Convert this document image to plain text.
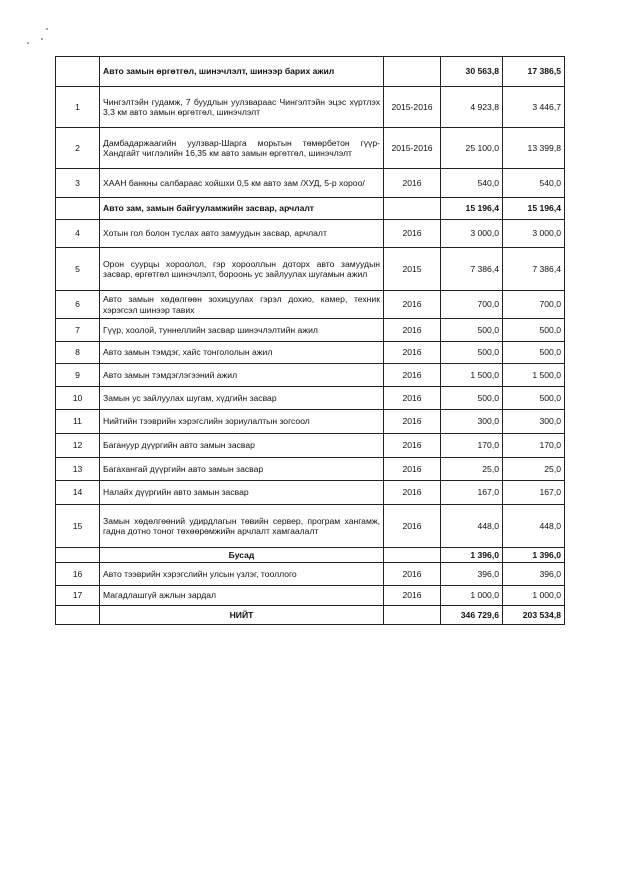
	Авто замын өргөтгөл, шинэчлэлт, шинээр барих ажил		30 563,8	17 386,5
1	Чингэлтэйн гудамж, 7 буудлын уулзвараас Чингэлтэйн эцэс хүртлэх 3,3 км авто замын өргөтгөл, шинэчлэлт	2015-2016	4 923,8	3 446,7
2	Дамбадаржаагийн уулзвар-Шарга морьтын төмөрбетон гүүр-Хандгайт чиглэлийн 16,35 км авто замын өргөтгөл, шинэчлэлт	2015-2016	25 100,0	13 399,8
3	ХААН банкны салбараас хойшхи 0,5 км авто зам /ХУД, 5-р хороо/	2016	540,0	540,0
	Авто зам, замын байгууламжийн засвар, арчлалт		15 196,4	15 196,4
4	Хотын гол болон туслах авто замуудын засвар, арчлалт	2016	3 000,0	3 000,0
5	Орон суурцы хороолол, гэр хорооллын доторх авто замуудын засвар, өргөтгөл шинэчлэлт, бороонь ус зайлуулах шугамын ажил	2015	7 386,4	7 386,4
6	Авто замын хөдөлгөөн зохицуулах гэрэл дохио, камер, техник хэрэгсэл шинээр тавих	2016	700,0	700,0
7	Гүүр, хоолой, туннеллийн засвар шинэчлэлтийн ажил	2016	500,0	500,0
8	Авто замын тэмдэг, хайс тонгололын ажил	2016	500,0	500,0
9	Авто замын тэмдэглэгээний ажил	2016	1 500,0	1 500,0
10	Замын ус зайлуулах шугам, хүдгийн засвар	2016	500,0	500,0
11	Нийтийн тээврийн хэрэгслийн зориулалтын зогсоол	2016	300,0	300,0
12	Багануур дүүргийн авто замын засвар	2016	170,0	170,0
13	Багахангай дүүргийн авто замын засвар	2016	25,0	25,0
14	Налайх дүүргийн авто замын засвар	2016	167,0	167,0
15	Замын хөдөлгөөний удирдлагын төвийн сервер, програм хангамж, гадна дотно тоног төхөөрөмжийн арчлалт хамгаалалт	2016	448,0	448,0
	Бусад		1 396,0	1 396,0
16	Авто тээврийн хэрэгслийн улсын үзлэг, тооллого	2016	396,0	396,0
17	Магадлашгүй ажлын зардал	2016	1 000,0	1 000,0
	НИЙТ		346 729,6	203 534,8
